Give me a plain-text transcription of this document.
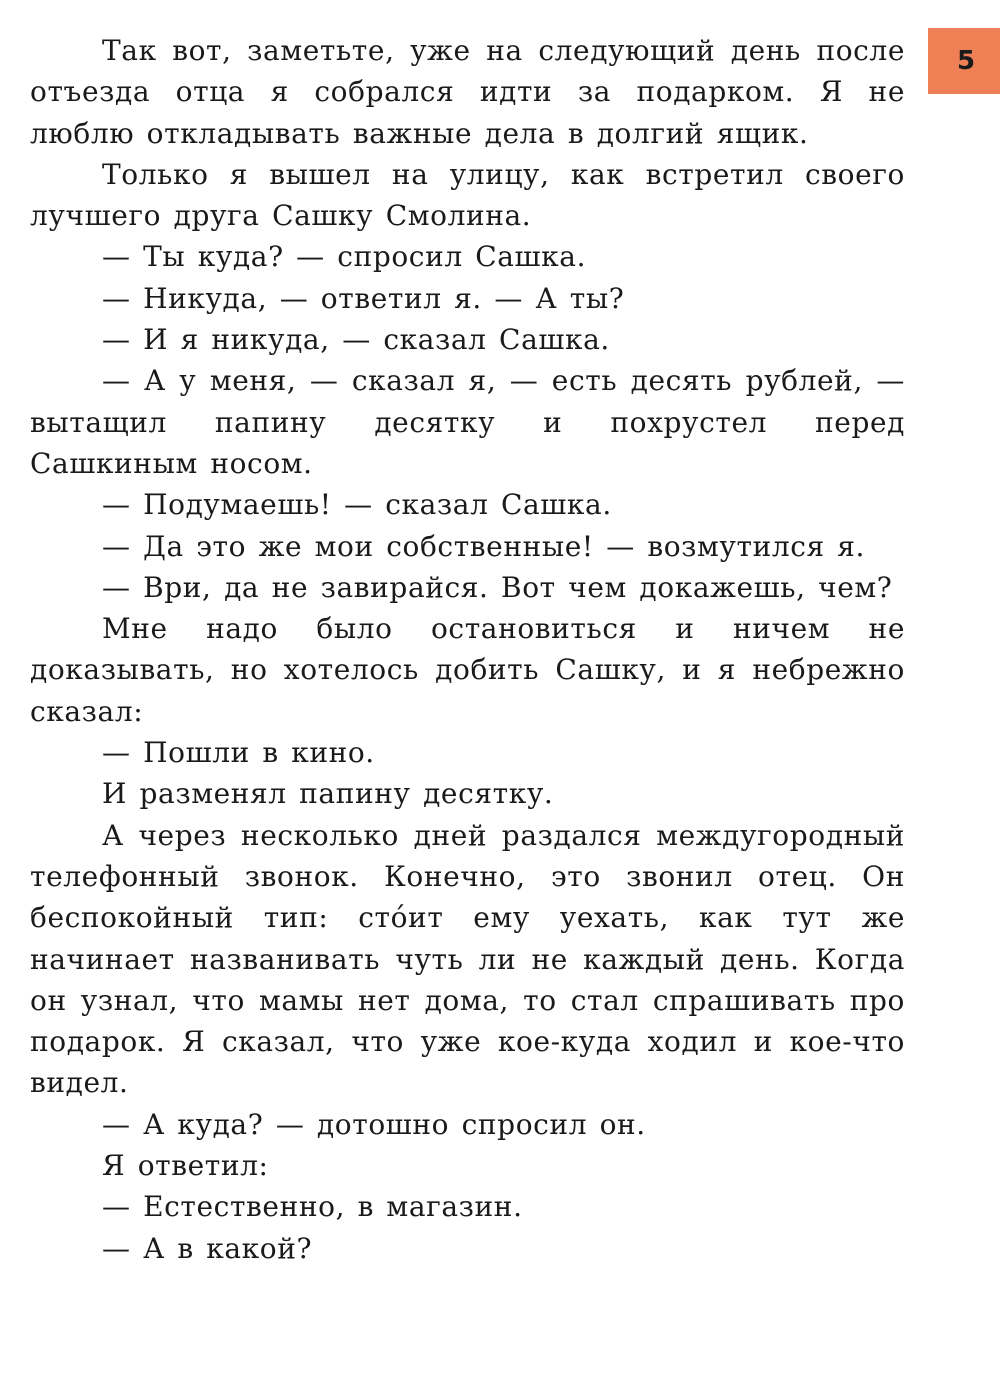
5

Так вот, заметьте, уже на следующий день после отъезда отца я собрался идти за подарком. Я не люблю откладывать важные дела в долгий ящик.

Только я вышел на улицу, как встретил своего лучшего друга Сашку Смолина.

— Ты куда? — спросил Сашка.

— Никуда, — ответил я. — А ты?

— И я никуда, — сказал Сашка.

— А у меня, — сказал я, — есть десять рублей, — вытащил папину десятку и похрустел перед Сашкиным носом.

— Подумаешь! — сказал Сашка.

— Да это же мои собственные! — возмутился я.

— Ври, да не завирайся. Вот чем докажешь, чем?

Мне надо было остановиться и ничем не доказывать, но хотелось добить Сашку, и я небрежно сказал:

— Пошли в кино.

И разменял папину десятку.

А через несколько дней раздался междугородный телефонный звонок. Конечно, это звонил отец. Он беспокойный тип: сто́ит ему уехать, как тут же начинает названивать чуть ли не каждый день. Когда он узнал, что мамы нет дома, то стал спрашивать про подарок. Я сказал, что уже кое-куда ходил и кое-что видел.

— А куда? — дотошно спросил он.

Я ответил:

— Естественно, в магазин.

— А в какой?
